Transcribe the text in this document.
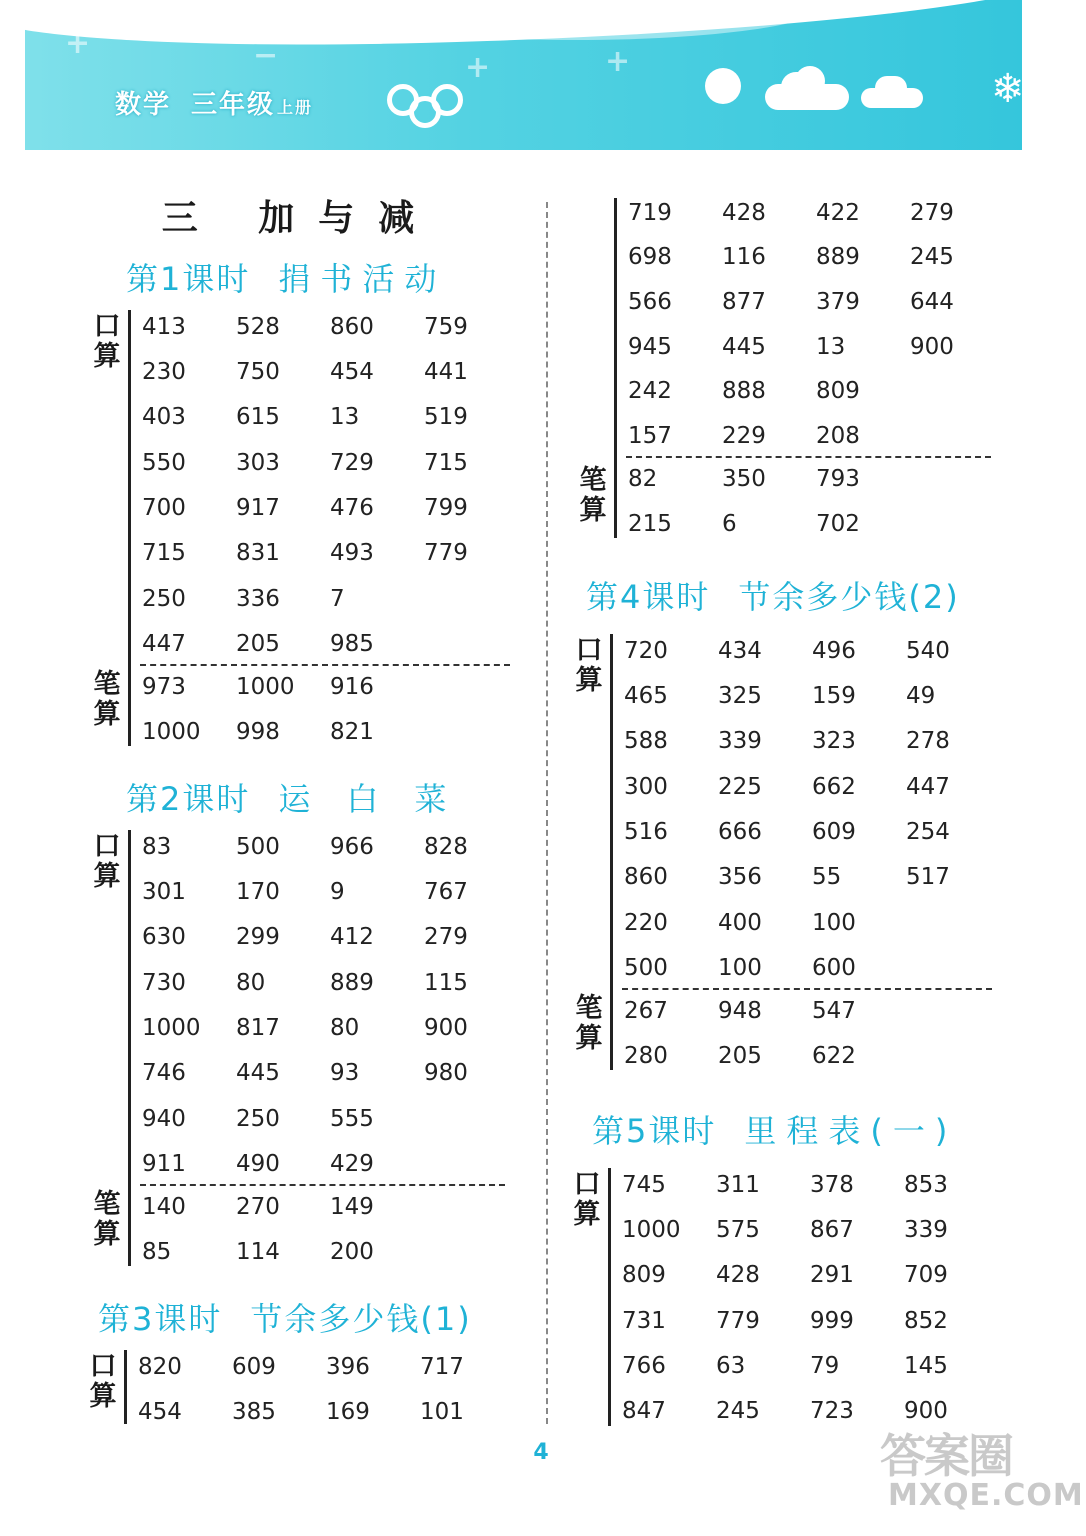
+	−	+	+
数学 三年级 上册	❄
三 加与减
第1课时 捐书活动
口算
笔算
413 528 860 759
230 750 454 441
403 615 13	519
550 303 729 715
700 917 476 799
715 831 493 779
250 336 7
447 205 985
973 1000 916
1000 998 821
第2课时 运白菜
口算
笔算
83	500 966 828
301 170 9	767
630 299 412 279
730 80	889 115
1000 817 80	900
746 445 93	980
940 250 555
911 490 429
140 270 149
85	114 200
第3课时 节余多少钱(1)
口算
820 609 396 717
454 385 169 101
笔算
719 428 422 279
698 116 889 245
566 877 379 644
945 445 13	900
242 888 809
157 229 208
82	350 793
215 6	702
第4课时 节余多少钱(2)
口算
笔算
720 434 496 540
465 325 159 49
588 339 323 278
300 225 662 447
516 666 609 254
860 356 55	517
220 400 100
500 100 600
267 948 547
280 205 622
第5课时 里程表(一)
口算
745 311 378 853
1000 575 867 339
809 428 291 709
731 779 999 852
766 63	79	145
847 245 723 900
4	答案圈
MXQE.COM
